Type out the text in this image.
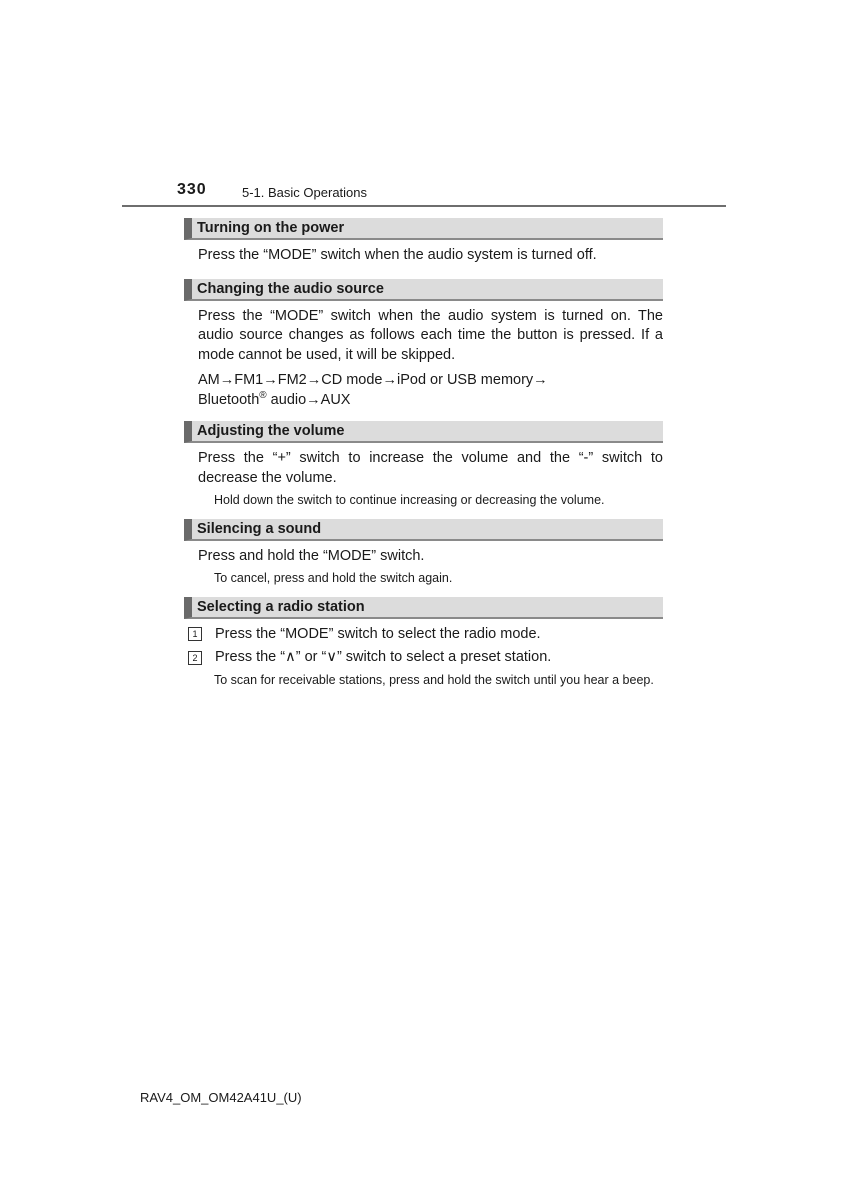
330	5-1. Basic Operations
Turning on the power

Press the “MODE” switch when the audio system is turned off.

Changing the audio source

Press the “MODE” switch when the audio system is turned on. The audio source changes as follows each time the button is pressed. If a mode cannot be used, it will be skipped.

AM→FM1→FM2→CD mode→iPod or USB memory→
Bluetooth® audio→AUX
Adjusting the volume

Press the “+” switch to increase the volume and the “-” switch to decrease the volume.

Hold down the switch to continue increasing or decreasing the volume.

Silencing a sound

Press and hold the “MODE” switch.

To cancel, press and hold the switch again.

Selecting a radio station
1	Press the “MODE” switch to select the radio mode.
2	Press the “∧” or “∨” switch to select a preset station.

To scan for receivable stations, press and hold the switch until you hear a beep.

RAV4_OM_OM42A41U_(U)
